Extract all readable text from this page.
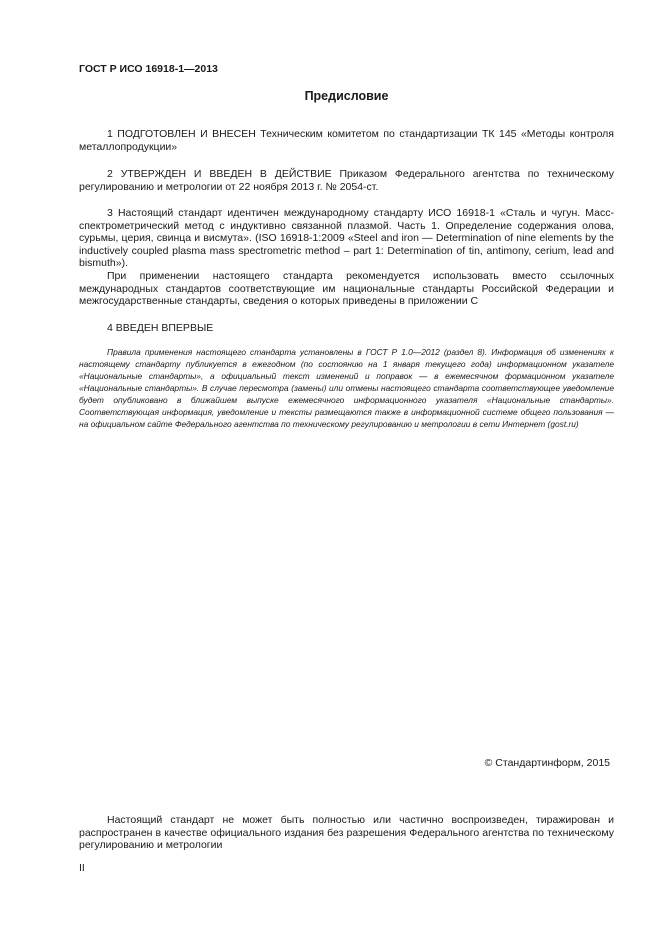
ГОСТ Р ИСО 16918-1—2013
Предисловие

1 ПОДГОТОВЛЕН И ВНЕСЕН Техническим комитетом по стандартизации ТК 145 «Методы контроля металлопродукции»

2 УТВЕРЖДЕН И ВВЕДЕН В ДЕЙСТВИЕ Приказом Федерального агентства по техническому регулированию и метрологии от 22 ноября 2013 г. № 2054-ст.

3 Настоящий стандарт идентичен международному стандарту ИСО 16918-1 «Сталь и чугун. Масс-спектрометрический метод с индуктивно связанной плазмой. Часть 1. Определение содержания олова, сурьмы, церия, свинца и висмута». (ISO 16918-1:2009 «Steel and iron — Determination of nine elements by the inductively coupled plasma mass spectrometric method – part 1: Determination of tin, antimony, cerium, lead and bismuth»).

При применении настоящего стандарта рекомендуется использовать вместо ссылочных международных стандартов соответствующие им национальные стандарты Российской Федерации и межгосударственные стандарты, сведения о которых приведены в приложении С

4 ВВЕДЕН ВПЕРВЫЕ

Правила применения настоящего стандарта установлены в ГОСТ Р 1.0—2012 (раздел 8). Информация об изменениях к настоящему стандарту публикуется в ежегодном (по состоянию на 1 января текущего года) информационном указателе «Национальные стандарты», а официальный текст изменений и поправок — в ежемесячном формационном указателе «Национальные стандарты». В случае пересмотра (замены) или отмены настоящего стандарта соответствующее уведомление будет опубликовано в ближайшем выпуске ежемесячного информационного указателя «Национальные стандарты». Соответствующая информация, уведомление и тексты размещаются также в информационной системе общего пользования — на официальном сайте Федерального агентства по техническому регулированию и метрологии в сети Интернет (gost.ru)

© Стандартинформ, 2015

Настоящий стандарт не может быть полностью или частично воспроизведен, тиражирован и распространен в качестве официального издания без разрешения Федерального агентства по техническому регулированию и метрологии

II
